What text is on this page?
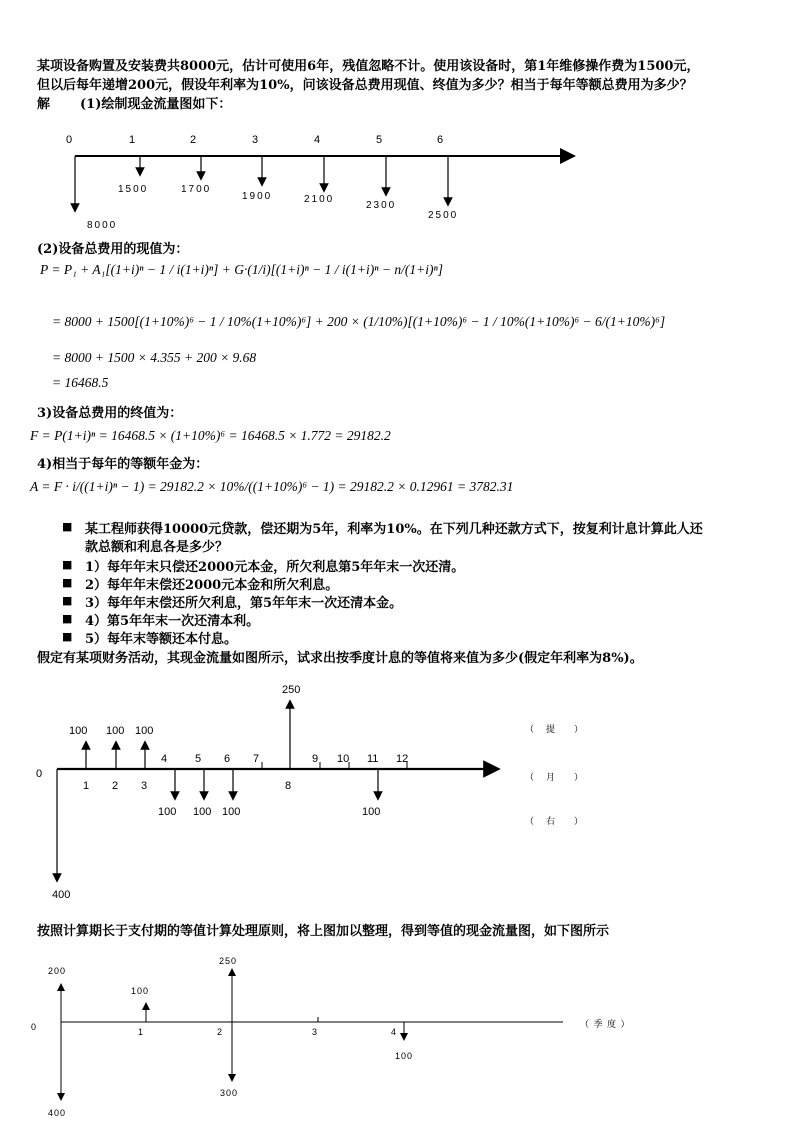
某项设备购置及安装费共8000元，估计可使用6年，残值忽略不计。使用该设备时，第1年维修操作费为1500元，
但以后每年递增200元，假设年利率为10%，问该设备总费用现值、终值为多少？相当于每年等额总费用为多少？
解 (1)绘制现金流量图如下：
0	1	2	3	4	5	6
8000
1500	1700
1900	2100
2300
2500
(2)设备总费用的现值为：
P = P₁ + A₁[(1+i)ⁿ − 1 / i(1+i)ⁿ] + G·(1/i)[(1+i)ⁿ − 1 / i(1+i)ⁿ − n/(1+i)ⁿ]
= 8000 + 1500[(1+10%)⁶ − 1 / 10%(1+10%)⁶] + 200 × (1/10%)[(1+10%)⁶ − 1 / 10%(1+10%)⁶ − 6/(1+10%)⁶]
= 8000 + 1500 × 4.355 + 200 × 9.68
= 16468.5
3)设备总费用的终值为：
F = P(1+i)ⁿ = 16468.5 × (1+10%)⁶ = 16468.5 × 1.772 = 29182.2
4)相当于每年的等额年金为：
A = F · i/((1+i)ⁿ − 1) = 29182.2 × 10%/((1+10%)⁶ − 1) = 29182.2 × 0.12961 = 3782.31
■ 某工程师获得10000元贷款，偿还期为5年，利率为10%。在下列几种还款方式下，按复利计息计算此人还
款总额和利息各是多少？
■ 1）每年年末只偿还2000元本金，所欠利息第5年年末一次还清。
■ 2）每年年末偿还2000元本金和所欠利息。
■ 3）每年年末偿还所欠利息，第5年年末一次还清本金。
■ 4）第5年年末一次还清本利。
■ 5）每年末等额还本付息。
假定有某项财务活动，其现金流量如图所示，试求出按季度计息的等值将来值为多少(假定年利率为8%)。
250
100 100 100
0
1 2 3
4	5 6 7
8
9 10 11 12
100 100 100	100
400
（ 提 ）
（ 月 ）
（ 右 ）
按照计算期长于支付期的等值计算处理原则，将上图加以整理，得到等值的现金流量图，如下图所示
200
100
250
0	1	2	3	4
（ 季 度 ）
100
300
400
